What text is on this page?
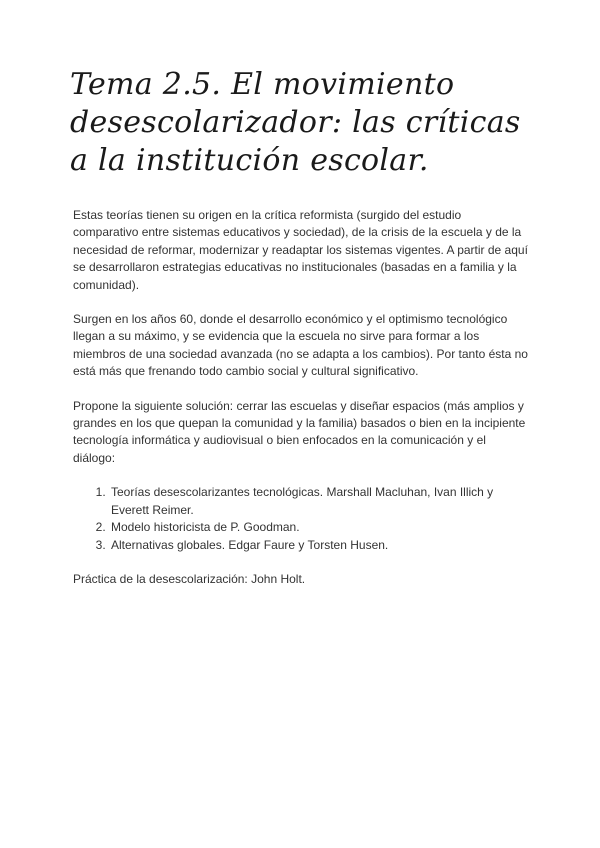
Tema 2.5. El movimiento desescolarizador: las críticas a la institución escolar.

Estas teorías tienen su origen en la crítica reformista (surgido del estudio comparativo entre sistemas educativos y sociedad), de la crisis de la escuela y de la necesidad de reformar, modernizar y readaptar los sistemas vigentes. A partir de aquí se desarrollaron estrategias educativas no institucionales (basadas en a familia y la comunidad).

Surgen en los años 60, donde el desarrollo económico y el optimismo tecnológico llegan a su máximo, y se evidencia que la escuela no sirve para formar a los miembros de una sociedad avanzada (no se adapta a los cambios). Por tanto ésta no está más que frenando todo cambio social y cultural significativo.

Propone la siguiente solución: cerrar las escuelas y diseñar espacios (más amplios y grandes en los que quepan la comunidad y la familia) basados o bien en la incipiente tecnología informática y audiovisual o bien enfocados en la comunicación y el diálogo:

1. Teorías desescolarizantes tecnológicas. Marshall Macluhan, Ivan Illich y Everett Reimer.
2. Modelo historicista de P. Goodman.
3. Alternativas globales. Edgar Faure y Torsten Husen.

Práctica de la desescolarización: John Holt.
